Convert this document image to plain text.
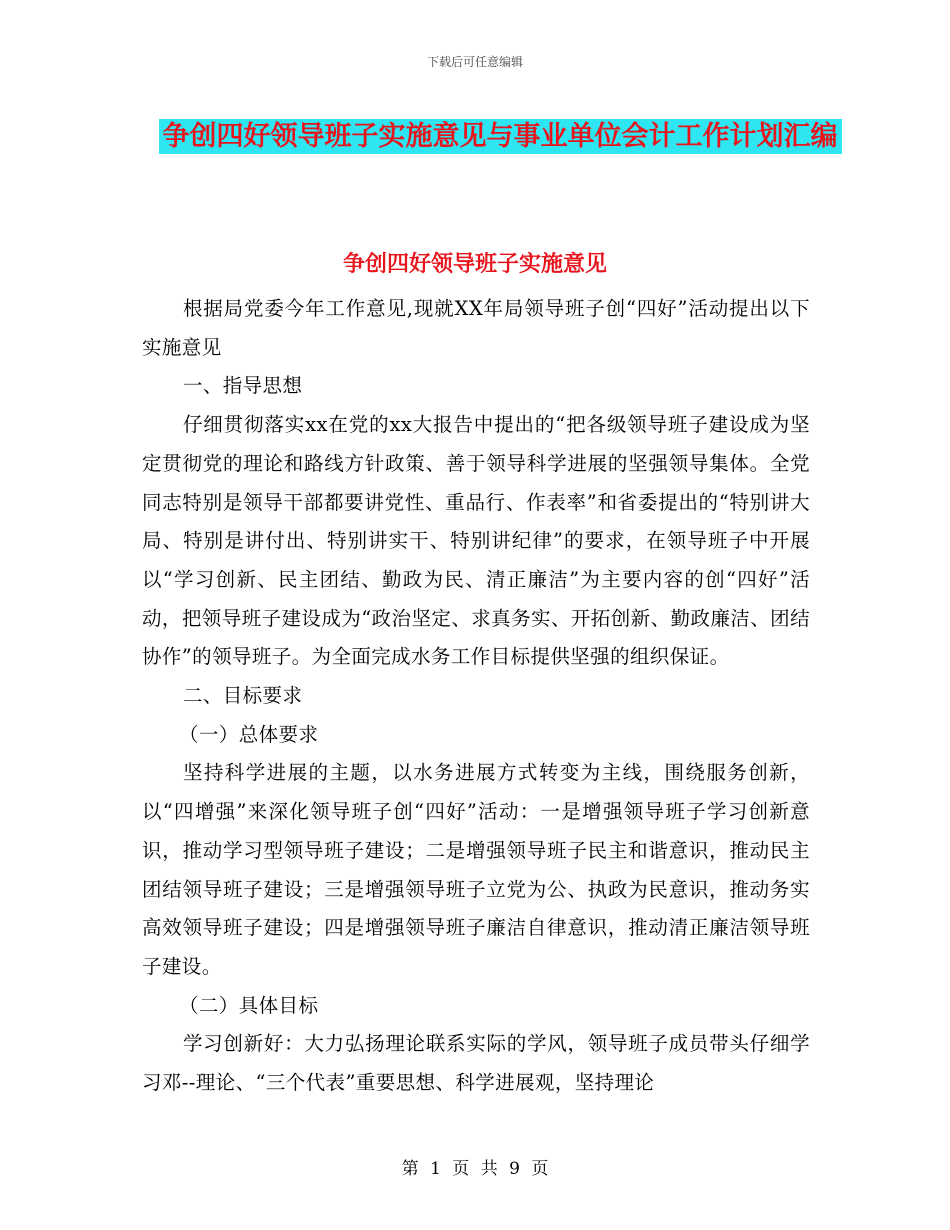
下载后可任意编辑
争创四好领导班子实施意见与事业单位会计工作计划汇编
争创四好领导班子实施意见

根据局党委今年工作意见,现就XX年局领导班子创“四好”活动提出以下实施意见

一、指导思想

仔细贯彻落实xx在党的xx大报告中提出的“把各级领导班子建设成为坚定贯彻党的理论和路线方针政策、善于领导科学进展的坚强领导集体。全党同志特别是领导干部都要讲党性、重品行、作表率”和省委提出的“特别讲大局、特别是讲付出、特别讲实干、特别讲纪律”的要求，在领导班子中开展以“学习创新、民主团结、勤政为民、清正廉洁”为主要内容的创“四好”活动，把领导班子建设成为“政治坚定、求真务实、开拓创新、勤政廉洁、团结协作”的领导班子。为全面完成水务工作目标提供坚强的组织保证。

二、目标要求

（一）总体要求

坚持科学进展的主题，以水务进展方式转变为主线，围绕服务创新，以“四增强”来深化领导班子创“四好”活动：一是增强领导班子学习创新意识，推动学习型领导班子建设；二是增强领导班子民主和谐意识，推动民主团结领导班子建设；三是增强领导班子立党为公、执政为民意识，推动务实高效领导班子建设；四是增强领导班子廉洁自律意识，推动清正廉洁领导班子建设。

（二）具体目标

学习创新好：大力弘扬理论联系实际的学风，领导班子成员带头仔细学习邓--理论、“三个代表”重要思想、科学进展观，坚持理论

第 1 页 共 9 页
